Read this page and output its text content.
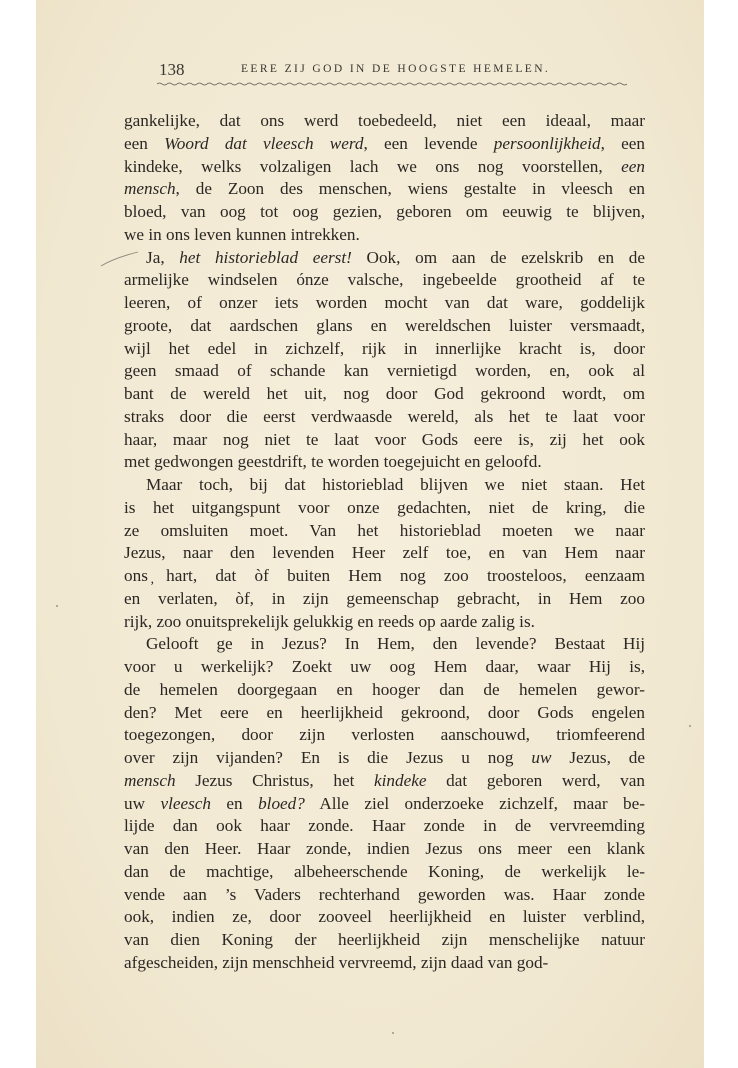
138	EERE ZIJ GOD IN DE HOOGSTE HEMELEN.
gankelijke, dat ons werd toebedeeld, niet een ideaal, maar
een Woord dat vleesch werd, een levende persoonlijkheid, een
kindeke, welks volzaligen lach we ons nog voorstellen, een
mensch, de Zoon des menschen, wiens gestalte in vleesch en
bloed, van oog tot oog gezien, geboren om eeuwig te blijven,
we in ons leven kunnen intrekken.
Ja, het historieblad eerst! Ook, om aan de ezelskrib en de
armelijke windselen ónze valsche, ingebeelde grootheid af te
leeren, of onzer iets worden mocht van dat ware, goddelijk
groote, dat aardschen glans en wereldschen luister versmaadt,
wijl het edel in zichzelf, rijk in innerlijke kracht is, door
geen smaad of schande kan vernietigd worden, en, ook al
bant de wereld het uit, nog door God gekroond wordt, om
straks door die eerst verdwaasde wereld, als het te laat voor
haar, maar nog niet te laat voor Gods eere is, zij het ook
met gedwongen geestdrift, te worden toegejuicht en geloofd.
Maar toch, bij dat historieblad blijven we niet staan. Het
is het uitgangspunt voor onze gedachten, niet de kring, die
ze omsluiten moet. Van het historieblad moeten we naar
Jezus, naar den levenden Heer zelf toe, en van Hem naar
ons ̦hart, dat òf buiten Hem nog zoo troosteloos, eenzaam
en verlaten, òf, in zijn gemeenschap gebracht, in Hem zoo
rijk, zoo onuitsprekelijk gelukkig en reeds op aarde zalig is.
Gelooft ge in Jezus? In Hem, den levende? Bestaat Hij
voor u werkelijk? Zoekt uw oog Hem daar, waar Hij is,
de hemelen doorgegaan en hooger dan de hemelen gewor-
den? Met eere en heerlijkheid gekroond, door Gods engelen
toegezongen, door zijn verlosten aanschouwd, triomfeerend
over zijn vijanden? En is die Jezus u nog uw Jezus, de
mensch Jezus Christus, het kindeke dat geboren werd, van
uw vleesch en bloed? Alle ziel onderzoeke zichzelf, maar be-
lijde dan ook haar zonde. Haar zonde in de vervreemding
van den Heer. Haar zonde, indien Jezus ons meer een klank
dan de machtige, albeheerschende Koning, de werkelijk le-
vende aan ’s Vaders rechterhand geworden was. Haar zonde
ook, indien ze, door zooveel heerlijkheid en luister verblind,
van dien Koning der heerlijkheid zijn menschelijke natuur
afgescheiden, zijn menschheid vervreemd, zijn daad van god-
